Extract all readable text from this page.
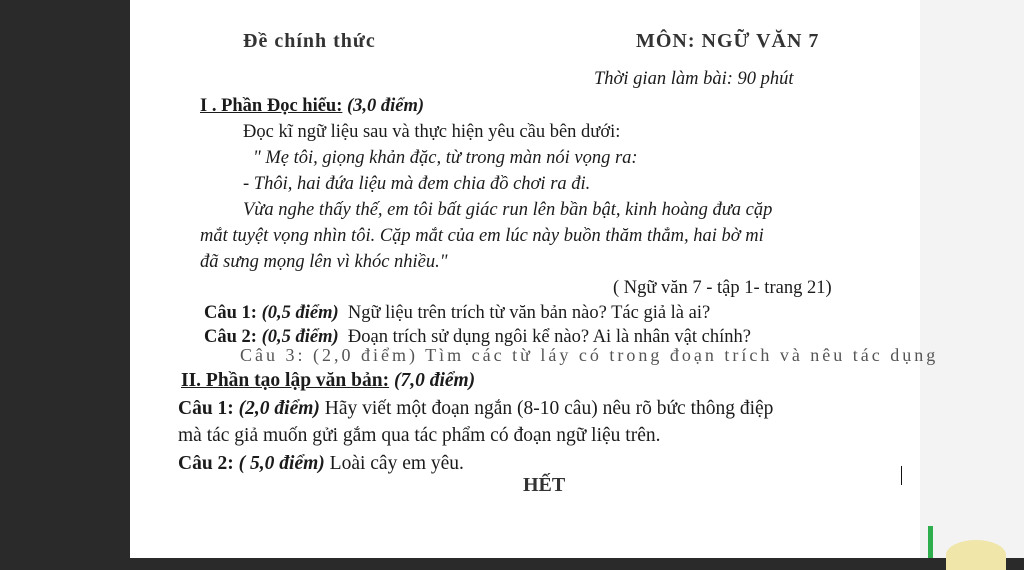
Đề chính thức	MÔN: NGỮ VĂN 7
Thời gian làm bài: 90 phút
I . Phần Đọc hiểu: (3,0 điểm)
Đọc kĩ ngữ liệu sau và thực hiện yêu cầu bên dưới:
" Mẹ tôi, giọng khản đặc, từ trong màn nói vọng ra:
- Thôi, hai đứa liệu mà đem chia đồ chơi ra đi.
Vừa nghe thấy thế, em tôi bất giác run lên bần bật, kinh hoàng đưa cặp
mắt tuyệt vọng nhìn tôi. Cặp mắt của em lúc này buồn thăm thẳm, hai bờ mi
đã sưng mọng lên vì khóc nhiều."
( Ngữ văn 7 - tập 1- trang 21)
Câu 1: (0,5 điểm) Ngữ liệu trên trích từ văn bản nào? Tác giả là ai?
Câu 2: (0,5 điểm) Đoạn trích sử dụng ngôi kể nào? Ai là nhân vật chính?
II. Phần tạo lập văn bản: (7,0 điểm)
Câu 1: (2,0 điểm) Hãy viết một đoạn ngắn (8-10 câu) nêu rõ bức thông điệp
mà tác giả muốn gửi gắm qua tác phẩm có đoạn ngữ liệu trên.
Câu 2: ( 5,0 điểm) Loài cây em yêu.
HẾT
